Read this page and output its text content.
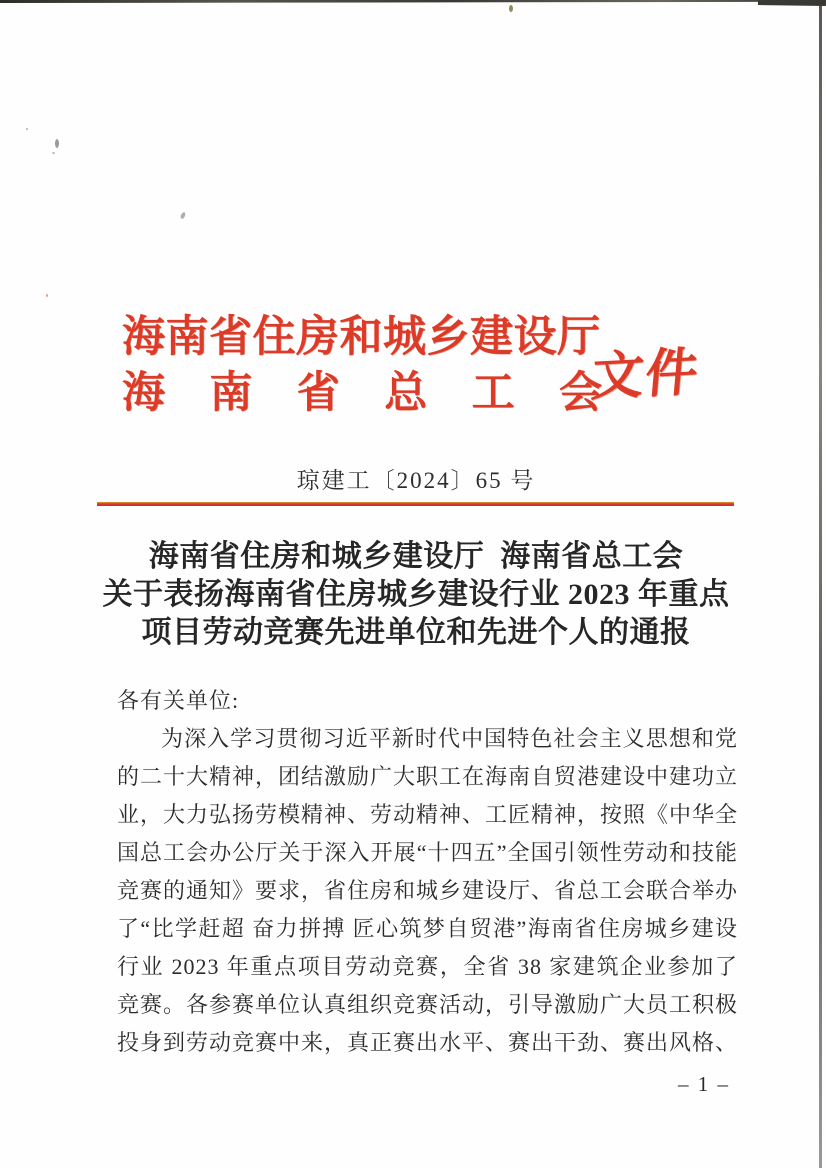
海南省住房和城乡建设厅
海南省总工会
文件
琼建工〔2024〕65 号
海南省住房和城乡建设厅  海南省总工会
关于表扬海南省住房城乡建设行业 2023 年重点
项目劳动竞赛先进单位和先进个人的通报

各有关单位:

为深入学习贯彻习近平新时代中国特色社会主义思想和党的二十大精神，团结激励广大职工在海南自贸港建设中建功立业，大力弘扬劳模精神、劳动精神、工匠精神，按照《中华全国总工会办公厅关于深入开展“十四五”全国引领性劳动和技能竞赛的通知》要求，省住房和城乡建设厅、省总工会联合举办了“比学赶超 奋力拼搏 匠心筑梦自贸港”海南省住房城乡建设行业 2023 年重点项目劳动竞赛，全省 38 家建筑企业参加了竞赛。各参赛单位认真组织竞赛活动，引导激励广大员工积极投身到劳动竞赛中来，真正赛出水平、赛出干劲、赛出风格、

– 1 –
